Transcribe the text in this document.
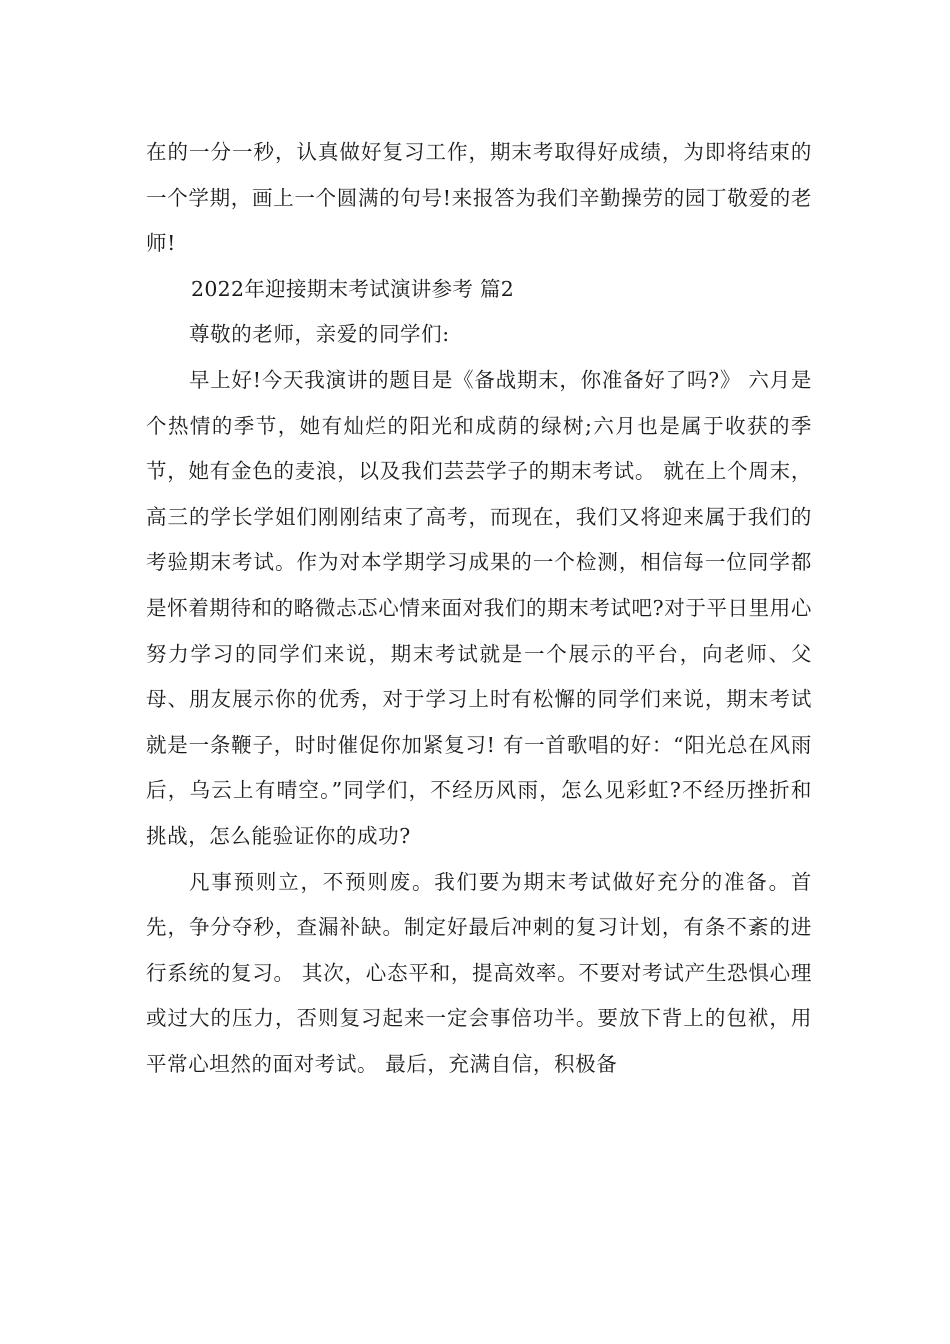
在的一分一秒，认真做好复习工作，期末考取得好成绩，为即将结束的一个学期，画上一个圆满的句号!来报答为我们辛勤操劳的园丁敬爱的老师!

2022年迎接期末考试演讲参考 篇2

尊敬的老师，亲爱的同学们:

早上好!今天我演讲的题目是《备战期末，你准备好了吗?》 六月是个热情的季节，她有灿烂的阳光和成荫的绿树;六月也是属于收获的季节，她有金色的麦浪，以及我们芸芸学子的期末考试。 就在上个周末，高三的学长学姐们刚刚结束了高考，而现在，我们又将迎来属于我们的考验期末考试。作为对本学期学习成果的一个检测，相信每一位同学都是怀着期待和的略微忐忑心情来面对我们的期末考试吧?对于平日里用心努力学习的同学们来说，期末考试就是一个展示的平台，向老师、父母、朋友展示你的优秀，对于学习上时有松懈的同学们来说，期末考试就是一条鞭子，时时催促你加紧复习! 有一首歌唱的好：“阳光总在风雨后，乌云上有晴空。”同学们，不经历风雨，怎么见彩虹?不经历挫折和挑战，怎么能验证你的成功?

凡事预则立，不预则废。我们要为期末考试做好充分的准备。首先，争分夺秒，查漏补缺。制定好最后冲刺的复习计划，有条不紊的进行系统的复习。 其次，心态平和，提高效率。不要对考试产生恐惧心理或过大的压力，否则复习起来一定会事倍功半。要放下背上的包袱，用平常心坦然的面对考试。 最后，充满自信，积极备
